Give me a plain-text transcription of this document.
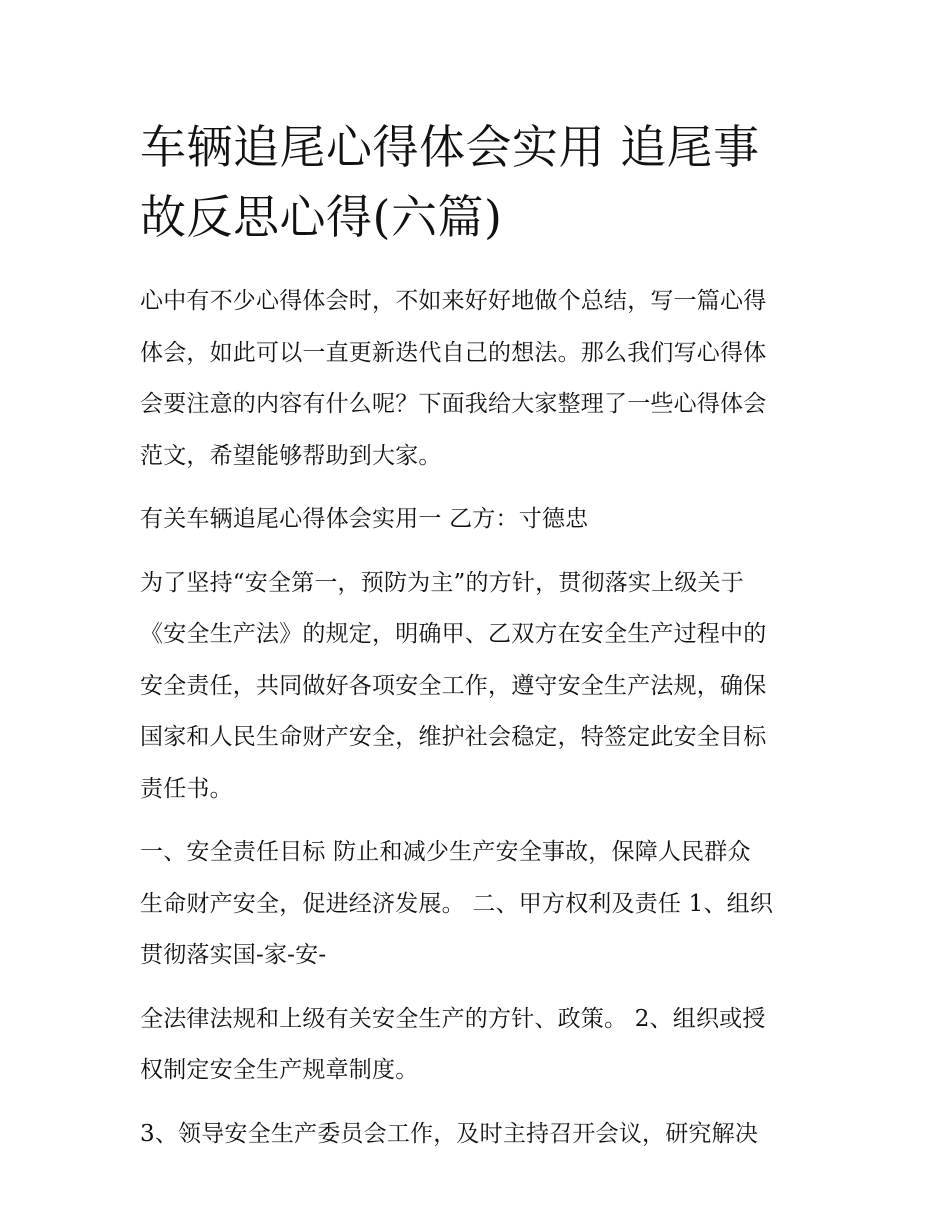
车辆追尾心得体会实用 追尾事
故反思心得(六篇)
心中有不少心得体会时，不如来好好地做个总结，写一篇心得
体会，如此可以一直更新迭代自己的想法。那么我们写心得体
会要注意的内容有什么呢？下面我给大家整理了一些心得体会
范文，希望能够帮助到大家。
有关车辆追尾心得体会实用一 乙方：寸德忠
为了坚持“安全第一，预防为主”的方针，贯彻落实上级关于
《安全生产法》的规定，明确甲、乙双方在安全生产过程中的
安全责任，共同做好各项安全工作，遵守安全生产法规，确保
国家和人民生命财产安全，维护社会稳定，特签定此安全目标
责任书。
一、安全责任目标 防止和减少生产安全事故，保障人民群众
生命财产安全，促进经济发展。 二、甲方权利及责任 1、组织
贯彻落实国-家-安-
全法律法规和上级有关安全生产的方针、政策。 2、组织或授
权制定安全生产规章制度。
3、领导安全生产委员会工作，及时主持召开会议，研究解决
